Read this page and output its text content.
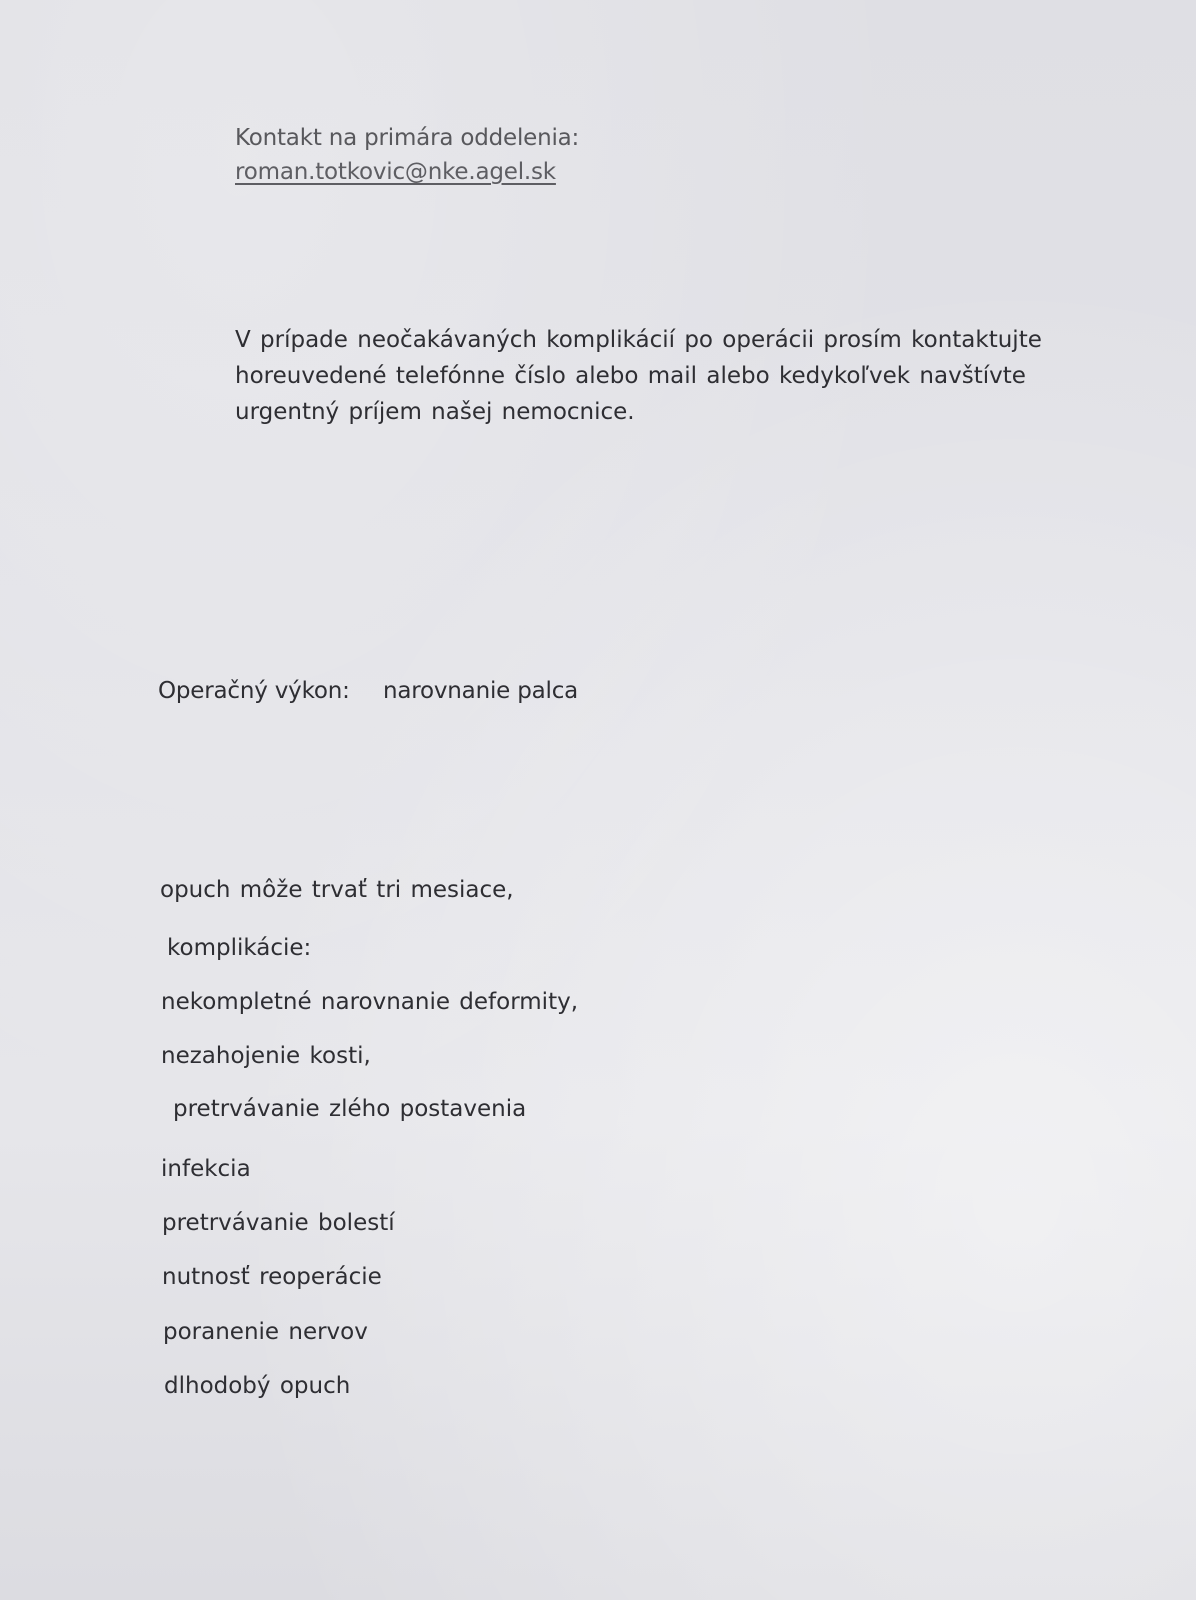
Kontakt na primára oddelenia:
roman.totkovic@nke.agel.sk
V prípade neočakávaných komplikácií po operácii prosím kontaktujte
horeuvedené telefónne číslo alebo mail alebo kedykoľvek navštívte
urgentný príjem našej nemocnice.
Operačný výkon: narovnanie palca
opuch môže trvať tri mesiace,
komplikácie:
nekompletné narovnanie deformity,
nezahojenie kosti,
pretrvávanie zlého postavenia
infekcia
pretrvávanie bolestí
nutnosť reoperácie
poranenie nervov
dlhodobý opuch
